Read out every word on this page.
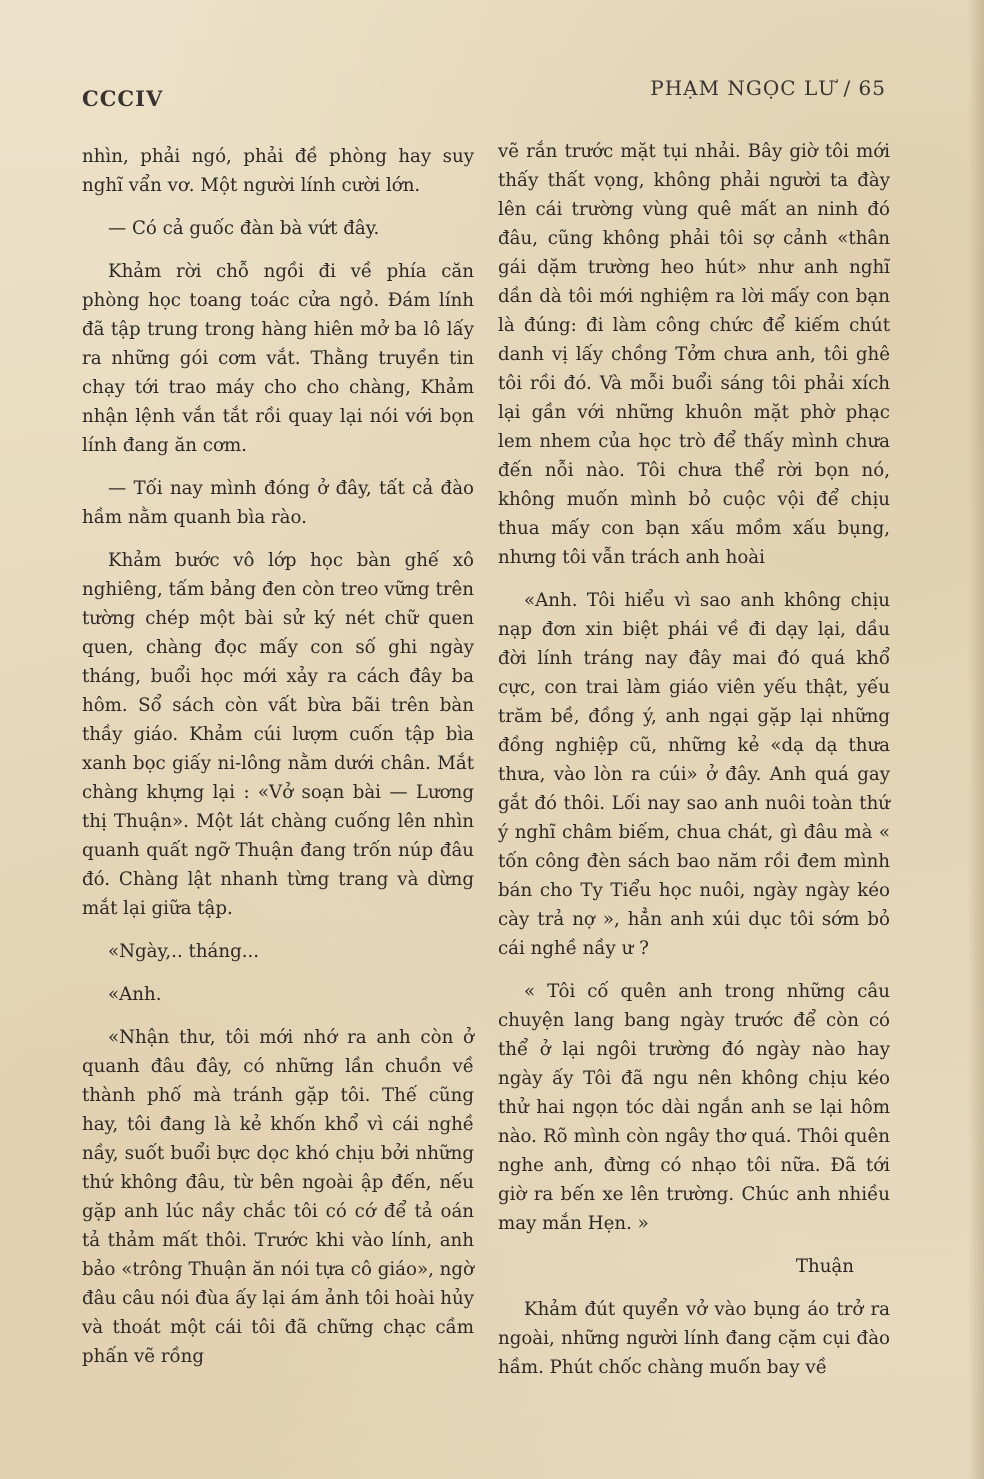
CCCIV	PHẠM NGỌC LƯ / 65

nhìn, phải ngó, phải đề phòng hay suy nghĩ vẩn vơ. Một người lính cười lớn.

— Có cả guốc đàn bà vứt đây.

Khảm rời chỗ ngồi đi về phía căn phòng học toang toác cửa ngỏ. Đám lính đã tập trung trong hàng hiên mở ba lô lấy ra những gói cơm vắt. Thằng truyền tin chạy tới trao máy cho cho chàng, Khảm nhận lệnh vắn tắt rồi quay lại nói với bọn lính đang ăn cơm.

— Tối nay mình đóng ở đây, tất cả đào hầm nằm quanh bìa rào.

Khảm bước vô lớp học bàn ghế xô nghiêng, tấm bảng đen còn treo vững trên tường chép một bài sử ký nét chữ quen quen, chàng đọc mấy con số ghi ngày tháng, buổi học mới xảy ra cách đây ba hôm. Sổ sách còn vất bừa bãi trên bàn thầy giáo. Khảm cúi lượm cuốn tập bìa xanh bọc giấy ni-lông nằm dưới chân. Mắt chàng khựng lại : «Vở soạn bài — Lương thị Thuận». Một lát chàng cuống lên nhìn quanh quất ngỡ Thuận đang trốn núp đâu đó. Chàng lật nhanh từng trang và dừng mắt lại giữa tập.

«Ngày,.. tháng...

«Anh.

«Nhận thư, tôi mới nhớ ra anh còn ở quanh đâu đây, có những lần chuồn về thành phố mà tránh gặp tôi. Thế cũng hay, tôi đang là kẻ khốn khổ vì cái nghề nầy, suốt buổi bực dọc khó chịu bởi những thứ không đâu, từ bên ngoài ập đến, nếu gặp anh lúc nầy chắc tôi có cớ để tả oán tả thảm mất thôi. Trước khi vào lính, anh bảo «trông Thuận ăn nói tựa cô giáo», ngờ đâu câu nói đùa ấy lại ám ảnh tôi hoài hủy và thoát một cái tôi đã chững chạc cầm phấn vẽ rồng

vẽ rắn trước mặt tụi nhải. Bây giờ tôi mới thấy thất vọng, không phải người ta đày lên cái trường vùng quê mất an ninh đó đâu, cũng không phải tôi sợ cảnh «thân gái dặm trường heo hút» như anh nghĩ dần dà tôi mới nghiệm ra lời mấy con bạn là đúng: đi làm công chức để kiếm chút danh vị lấy chồng Tởm chưa anh, tôi ghê tôi rồi đó. Và mỗi buổi sáng tôi phải xích lại gần với những khuôn mặt phờ phạc lem nhem của học trò để thấy mình chưa đến nỗi nào. Tôi chưa thể rời bọn nó, không muốn mình bỏ cuộc vội để chịu thua mấy con bạn xấu mồm xấu bụng, nhưng tôi vẫn trách anh hoài

«Anh. Tôi hiểu vì sao anh không chịu nạp đơn xin biệt phái về đi dạy lại, dầu đời lính tráng nay đây mai đó quá khổ cực, con trai làm giáo viên yếu thật, yếu trăm bề, đồng ý, anh ngại gặp lại những đồng nghiệp cũ, những kẻ «dạ dạ thưa thưa, vào lòn ra cúi» ở đây. Anh quá gay gắt đó thôi. Lối nay sao anh nuôi toàn thứ ý nghĩ châm biếm, chua chát, gì đâu mà « tốn công đèn sách bao năm rồi đem mình bán cho Ty Tiểu học nuôi, ngày ngày kéo cày trả nợ », hẳn anh xúi dục tôi sớm bỏ cái nghề nầy ư ?

« Tôi cố quên anh trong những câu chuyện lang bang ngày trước để còn có thể ở lại ngôi trường đó ngày nào hay ngày ấy Tôi đã ngu nên không chịu kéo thử hai ngọn tóc dài ngắn anh se lại hôm nào. Rõ mình còn ngây thơ quá. Thôi quên nghe anh, đừng có nhạo tôi nữa. Đã tới giờ ra bến xe lên trường. Chúc anh nhiều may mắn Hẹn. »

Thuận

Khảm đút quyển vở vào bụng áo trở ra ngoài, những người lính đang cặm cụi đào hầm. Phút chốc chàng muốn bay về
